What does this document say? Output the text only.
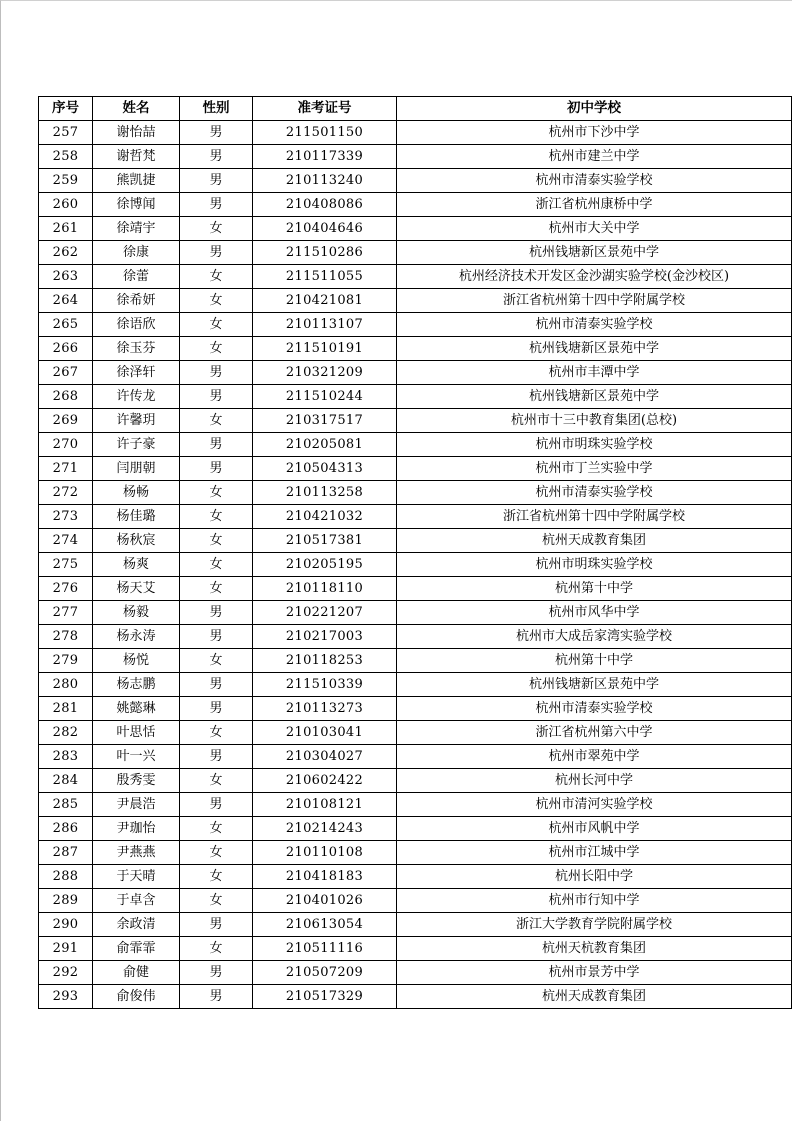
序号	姓名	性别	准考证号	初中学校
257	谢怡喆	男	211501150	杭州市下沙中学
258	谢哲梵	男	210117339	杭州市建兰中学
259	熊凯捷	男	210113240	杭州市清泰实验学校
260	徐博闻	男	210408086	浙江省杭州康桥中学
261	徐靖宇	女	210404646	杭州市大关中学
262	徐康	男	211510286	杭州钱塘新区景苑中学
263	徐蕾	女	211511055	杭州经济技术开发区金沙湖实验学校(金沙校区)
264	徐希妍	女	210421081	浙江省杭州第十四中学附属学校
265	徐语欣	女	210113107	杭州市清泰实验学校
266	徐玉芬	女	211510191	杭州钱塘新区景苑中学
267	徐泽轩	男	210321209	杭州市丰潭中学
268	许传龙	男	211510244	杭州钱塘新区景苑中学
269	许馨玥	女	210317517	杭州市十三中教育集团(总校)
270	许子豪	男	210205081	杭州市明珠实验学校
271	闫朋朝	男	210504313	杭州市丁兰实验中学
272	杨畅	女	210113258	杭州市清泰实验学校
273	杨佳璐	女	210421032	浙江省杭州第十四中学附属学校
274	杨秋宸	女	210517381	杭州天成教育集团
275	杨爽	女	210205195	杭州市明珠实验学校
276	杨天艾	女	210118110	杭州第十中学
277	杨毅	男	210221207	杭州市风华中学
278	杨永涛	男	210217003	杭州市大成岳家湾实验学校
279	杨悦	女	210118253	杭州第十中学
280	杨志鹏	男	211510339	杭州钱塘新区景苑中学
281	姚懿琳	男	210113273	杭州市清泰实验学校
282	叶思恬	女	210103041	浙江省杭州第六中学
283	叶一兴	男	210304027	杭州市翠苑中学
284	殷秀雯	女	210602422	杭州长河中学
285	尹晨浩	男	210108121	杭州市清河实验学校
286	尹珈怡	女	210214243	杭州市风帆中学
287	尹燕燕	女	210110108	杭州市江城中学
288	于天晴	女	210418183	杭州长阳中学
289	于卓含	女	210401026	杭州市行知中学
290	余政清	男	210613054	浙江大学教育学院附属学校
291	俞霏霏	女	210511116	杭州天杭教育集团
292	俞健	男	210507209	杭州市景芳中学
293	俞俊伟	男	210517329	杭州天成教育集团
